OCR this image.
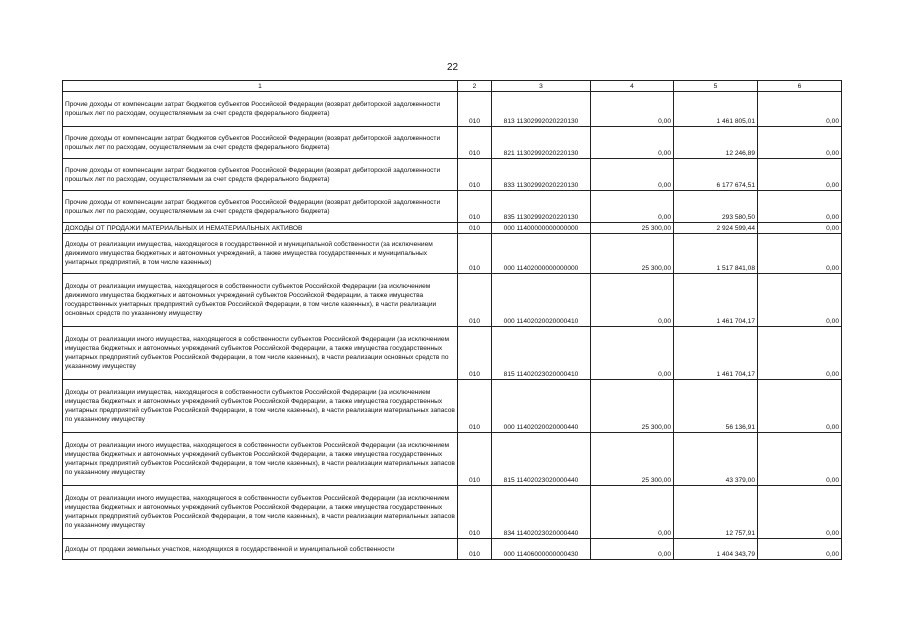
22
1	2	3	4	5	6
Прочие доходы от компенсации затрат бюджетов субъектов Российской Федерации (возврат дебиторской задолженности прошлых лет по расходам, осуществляемым за счет средств федерального бюджета)	010	813 11302992020220130	0,00	1 461 805,01	0,00
Прочие доходы от компенсации затрат бюджетов субъектов Российской Федерации (возврат дебиторской задолженности прошлых лет по расходам, осуществляемым за счет средств федерального бюджета)	010	821 11302992020220130	0,00	12 246,89	0,00
Прочие доходы от компенсации затрат бюджетов субъектов Российской Федерации (возврат дебиторской задолженности прошлых лет по расходам, осуществляемым за счет средств федерального бюджета)	010	833 11302992020220130	0,00	6 177 674,51	0,00
Прочие доходы от компенсации затрат бюджетов субъектов Российской Федерации (возврат дебиторской задолженности прошлых лет по расходам, осуществляемым за счет средств федерального бюджета)	010	835 11302992020220130	0,00	293 580,50	0,00
ДОХОДЫ ОТ ПРОДАЖИ МАТЕРИАЛЬНЫХ И НЕМАТЕРИАЛЬНЫХ АКТИВОВ	010	000 11400000000000000	25 300,00	2 924 599,44	0,00
Доходы от реализации имущества, находящегося в государственной и муниципальной собственности (за исключением движимого имущества бюджетных и автономных учреждений, а также имущества государственных и муниципальных унитарных предприятий, в том числе казенных)	010	000 11402000000000000	25 300,00	1 517 841,08	0,00
Доходы от реализации имущества, находящегося в собственности субъектов Российской Федерации (за исключением движимого имущества бюджетных и автономных учреждений субъектов Российской Федерации, а также имущества государственных унитарных предприятий субъектов Российской Федерации, в том числе казенных), в части реализации основных средств по указанному имуществу	010	000 11402020020000410	0,00	1 461 704,17	0,00
Доходы от реализации иного имущества, находящегося в собственности субъектов Российской Федерации (за исключением имущества бюджетных и автономных учреждений субъектов Российской Федерации, а также имущества государственных унитарных предприятий субъектов Российской Федерации, в том числе казенных), в части реализации основных средств по указанному имуществу	010	815 11402023020000410	0,00	1 461 704,17	0,00
Доходы от реализации имущества, находящегося в собственности субъектов Российской Федерации (за исключением имущества бюджетных и автономных учреждений субъектов Российской Федерации, а также имущества государственных унитарных предприятий субъектов Российской Федерации, в том числе казенных), в части реализации материальных запасов по указанному имуществу	010	000 11402020020000440	25 300,00	56 136,91	0,00
Доходы от реализации иного имущества, находящегося в собственности субъектов Российской Федерации (за исключением имущества бюджетных и автономных учреждений субъектов Российской Федерации, а также имущества государственных унитарных предприятий субъектов Российской Федерации, в том числе казенных), в части реализации материальных запасов по указанному имуществу	010	815 11402023020000440	25 300,00	43 379,00	0,00
Доходы от реализации иного имущества, находящегося в собственности субъектов Российской Федерации (за исключением имущества бюджетных и автономных учреждений субъектов Российской Федерации, а также имущества государственных унитарных предприятий субъектов Российской Федерации, в том числе казенных), в части реализации материальных запасов по указанному имуществу	010	834 11402023020000440	0,00	12 757,91	0,00
Доходы от продажи земельных участков, находящихся в государственной и муниципальной собственности	010	000 11406000000000430	0,00	1 404 343,79	0,00
